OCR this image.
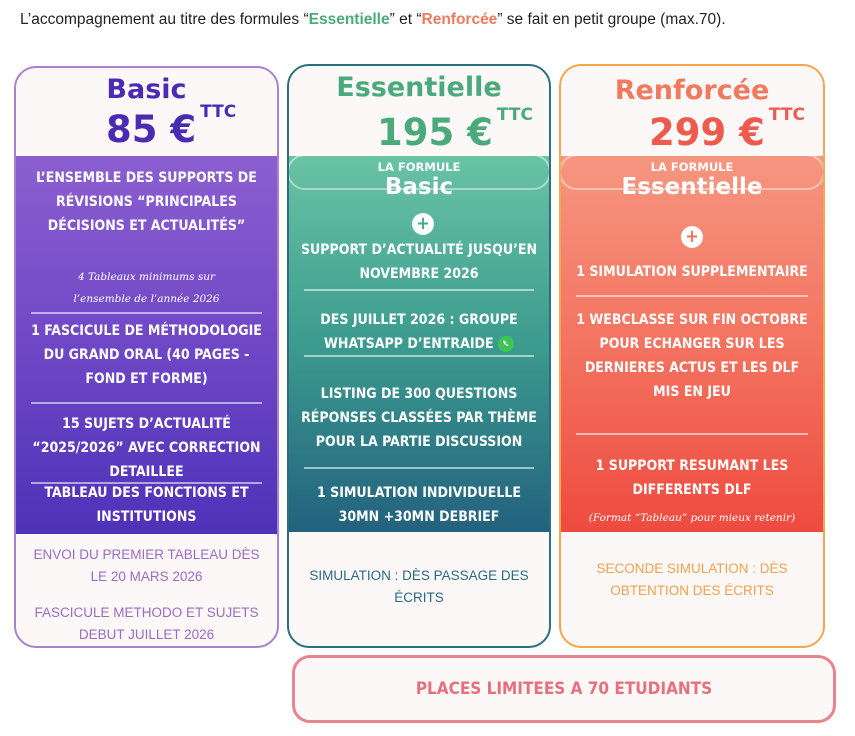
L’accompagnement au titre des formules “Essentielle” et “Renforcée” se fait en petit groupe (max.70).
Basic
85 € $^{TTC}$
L’ENSEMBLE DES SUPPORTS DE RÉVISIONS “PRINCIPALES DÉCISIONS ET ACTUALITÉS”
4 Tableaux minimums sur l’ensemble de l’année 2026
1 FASCICULE DE MÉTHODOLOGIE DU GRAND ORAL (40 PAGES - FOND ET FORME)
15 SUJETS D’ACTUALITÉ “2025/2026” AVEC CORRECTION DETAILLEE
TABLEAU DES FONCTIONS ET INSTITUTIONS
ENVOI DU PREMIER TABLEAU DÈS LE 20 MARS 2026
FASCICULE METHODO ET SUJETS DEBUT JUILLET 2026
Essentielle
195 € $^{TTC}$
+
SUPPORT D’ACTUALITÉ JUSQU’EN NOVEMBRE 2026
DES JUILLET 2026 : GROUPE WHATSAPP D’ENTRAIDE
LISTING DE 300 QUESTIONS RÉPONSES CLASSÉES PAR THÈME POUR LA PARTIE DISCUSSION
1 SIMULATION INDIVIDUELLE 30MN +30MN DEBRIEF
LA FORMULE
Basic
SIMULATION : DÈS PASSAGE DES ÉCRITS
Renforcée
299 € $^{TTC}$
+
1 SIMULATION SUPPLEMENTAIRE
1 WEBCLASSE SUR FIN OCTOBRE POUR ECHANGER SUR LES DERNIERES ACTUS ET LES DLF MIS EN JEU
1 SUPPORT RESUMANT LES DIFFERENTS DLF
(Format “Tableau” pour mieux retenir)
LA FORMULE
Essentielle
SECONDE SIMULATION : DÈS OBTENTION DES ÉCRITS
PLACES LIMITEES A 70 ETUDIANTS
